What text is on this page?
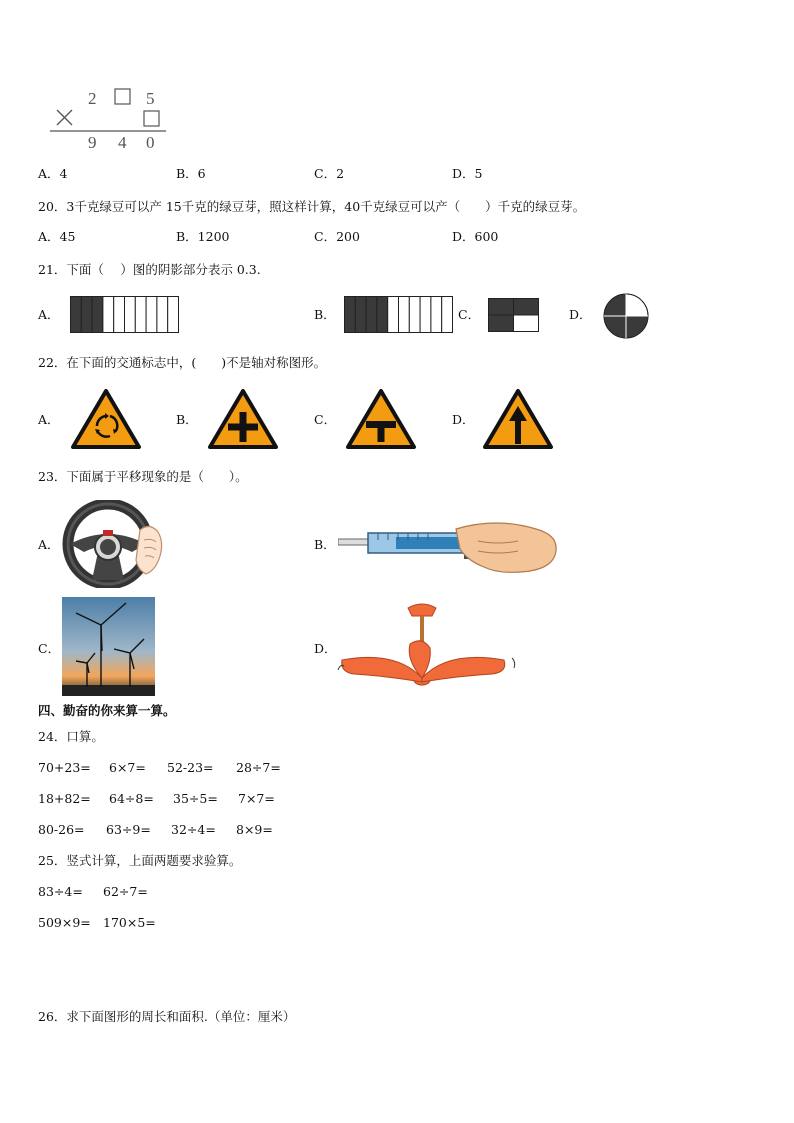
2	5
9 4 0
A．4	B．6	C．2	D．5
20．3千克绿豆可以产 15千克的绿豆芽，照这样计算，40千克绿豆可以产（　　）千克的绿豆芽。
A．45	B．1200	C．200	D．600
21．下面（　 ）图的阴影部分表示 0.3.
A．	B．	C．	D．
22．在下面的交通标志中，(　　)不是轴对称图形。
A．	B．	C．	D．
23．下面属于平移现象的是（　　）。
A．	B．
C．	D．
四、勤奋的你来算一算。
24．口算。
70+23= 6×7= 52-23= 28÷7=
18+82= 64÷8= 35÷5= 7×7=
80-26= 63÷9= 32÷4= 8×9=
25．竖式计算，上面两题要求验算。
83÷4= 62÷7=
509×9= 170×5=
26．求下面图形的周长和面积.（单位：厘米）
